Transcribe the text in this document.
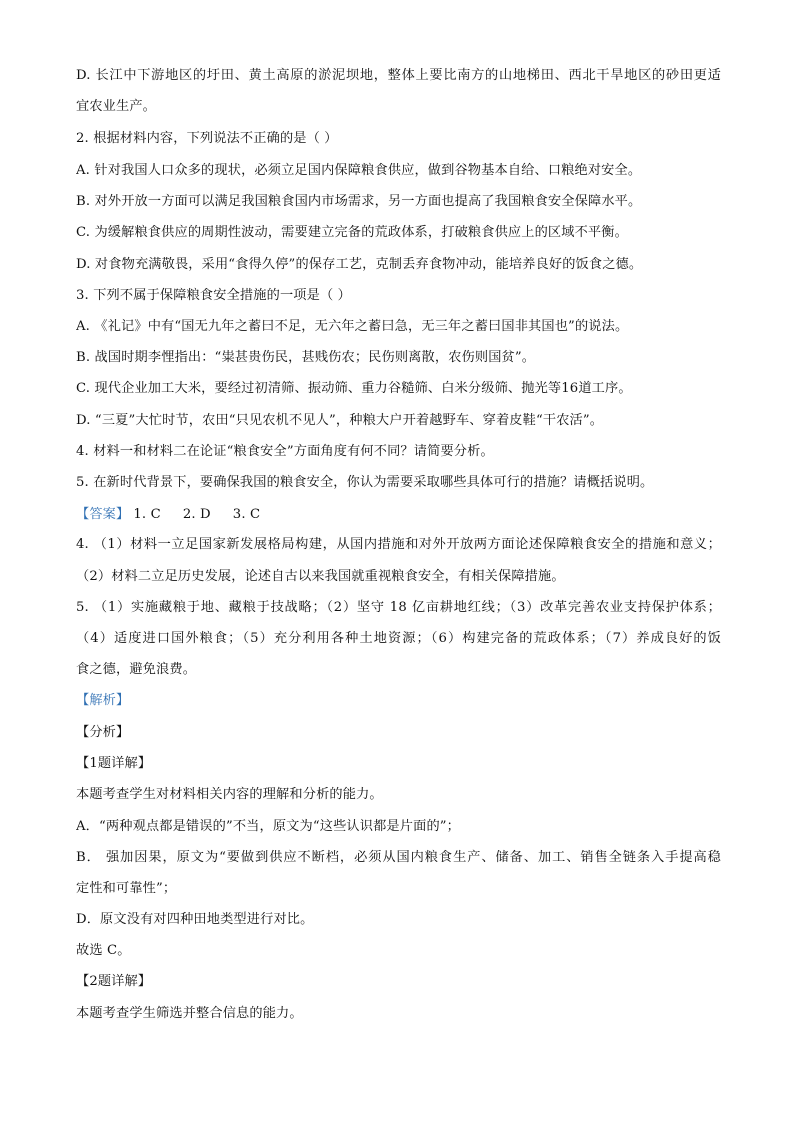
D. 长江中下游地区的圩田、黄土高原的淤泥坝地，整体上要比南方的山地梯田、西北干旱地区的砂田更适
宜农业生产。
2. 根据材料内容，下列说法不正确的是（ ）
A. 针对我国人口众多的现状，必须立足国内保障粮食供应，做到谷物基本自给、口粮绝对安全。
B. 对外开放一方面可以满足我国粮食国内市场需求，另一方面也提高了我国粮食安全保障水平。
C. 为缓解粮食供应的周期性波动，需要建立完备的荒政体系，打破粮食供应上的区域不平衡。
D. 对食物充满敬畏，采用“食得久停”的保存工艺，克制丢弃食物冲动，能培养良好的饭食之德。
3. 下列不属于保障粮食安全措施的一项是（ ）
A. 《礼记》中有“国无九年之蓄曰不足，无六年之蓄曰急，无三年之蓄曰国非其国也”的说法。
B. 战国时期李悝指出：“粜甚贵伤民，甚贱伤农；民伤则离散，农伤则国贫”。
C. 现代企业加工大米，要经过初清筛、振动筛、重力谷糙筛、白米分级筛、抛光等16道工序。
D. “三夏”大忙时节，农田“只见农机不见人”，种粮大户开着越野车、穿着皮鞋“干农活”。
4. 材料一和材料二在论证“粮食安全”方面角度有何不同？请简要分析。
5. 在新时代背景下，要确保我国的粮食安全，你认为需要采取哪些具体可行的措施？请概括说明。
【答案】 1. C 2. D 3. C
4. （1）材料一立足国家新发展格局构建，从国内措施和对外开放两方面论述保障粮食安全的措施和意义；
（2）材料二立足历史发展，论述自古以来我国就重视粮食安全，有相关保障措施。
5. （1）实施藏粮于地、藏粮于技战略；（2）坚守 18 亿亩耕地红线；（3）改革完善农业支持保护体系；
（4）适度进口国外粮食；（5）充分利用各种土地资源；（6）构建完备的荒政体系；（7）养成良好的饭
食之德，避免浪费。
【解析】
【分析】
【1题详解】
本题考查学生对材料相关内容的理解和分析的能力。
A．“两种观点都是错误的”不当，原文为“这些认识都是片面的”；
B． 强加因果，原文为“要做到供应不断档，必须从国内粮食生产、储备、加工、销售全链条入手提高稳
定性和可靠性”；
D．原文没有对四种田地类型进行对比。
故选 C。
【2题详解】
本题考查学生筛选并整合信息的能力。
